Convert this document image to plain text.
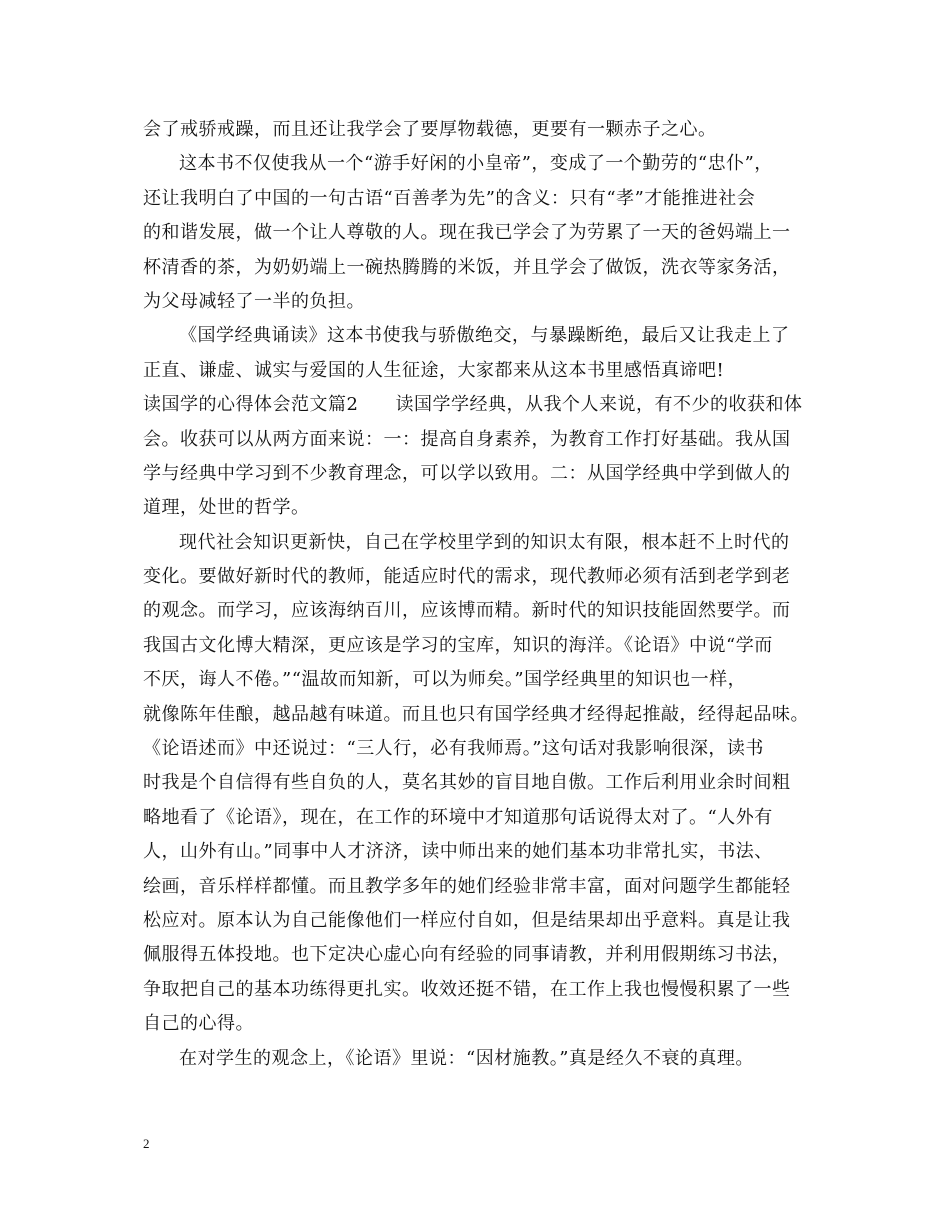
会了戒骄戒躁，而且还让我学会了要厚物载德，更要有一颗赤子之心。
这本书不仅使我从一个“游手好闲的小皇帝”，变成了一个勤劳的“忠仆”，
还让我明白了中国的一句古语“百善孝为先”的含义：只有“孝”才能推进社会
的和谐发展，做一个让人尊敬的人。现在我已学会了为劳累了一天的爸妈端上一
杯清香的茶，为奶奶端上一碗热腾腾的米饭，并且学会了做饭，洗衣等家务活，
为父母减轻了一半的负担。
《国学经典诵读》这本书使我与骄傲绝交，与暴躁断绝，最后又让我走上了
正直、谦虚、诚实与爱国的人生征途，大家都来从这本书里感悟真谛吧!
读国学的心得体会范文篇2　　读国学学经典，从我个人来说，有不少的收获和体
会。收获可以从两方面来说：一：提高自身素养，为教育工作打好基础。我从国
学与经典中学习到不少教育理念，可以学以致用。二：从国学经典中学到做人的
道理，处世的哲学。
现代社会知识更新快，自己在学校里学到的知识太有限，根本赶不上时代的
变化。要做好新时代的教师，能适应时代的需求，现代教师必须有活到老学到老
的观念。而学习，应该海纳百川，应该博而精。新时代的知识技能固然要学。而
我国古文化博大精深，更应该是学习的宝库，知识的海洋。《论语》中说“学而
不厌，诲人不倦。”“温故而知新，可以为师矣。”国学经典里的知识也一样，
就像陈年佳酿，越品越有味道。而且也只有国学经典才经得起推敲，经得起品味。
《论语述而》中还说过：“三人行，必有我师焉。”这句话对我影响很深，读书
时我是个自信得有些自负的人，莫名其妙的盲目地自傲。工作后利用业余时间粗
略地看了《论语》，现在，在工作的环境中才知道那句话说得太对了。“人外有
人，山外有山。”同事中人才济济，读中师出来的她们基本功非常扎实，书法、
绘画，音乐样样都懂。而且教学多年的她们经验非常丰富，面对问题学生都能轻
松应对。原本认为自己能像他们一样应付自如，但是结果却出乎意料。真是让我
佩服得五体投地。也下定决心虚心向有经验的同事请教，并利用假期练习书法，
争取把自己的基本功练得更扎实。收效还挺不错，在工作上我也慢慢积累了一些
自己的心得。
在对学生的观念上，《论语》里说：“因材施教。”真是经久不衰的真理。
2
